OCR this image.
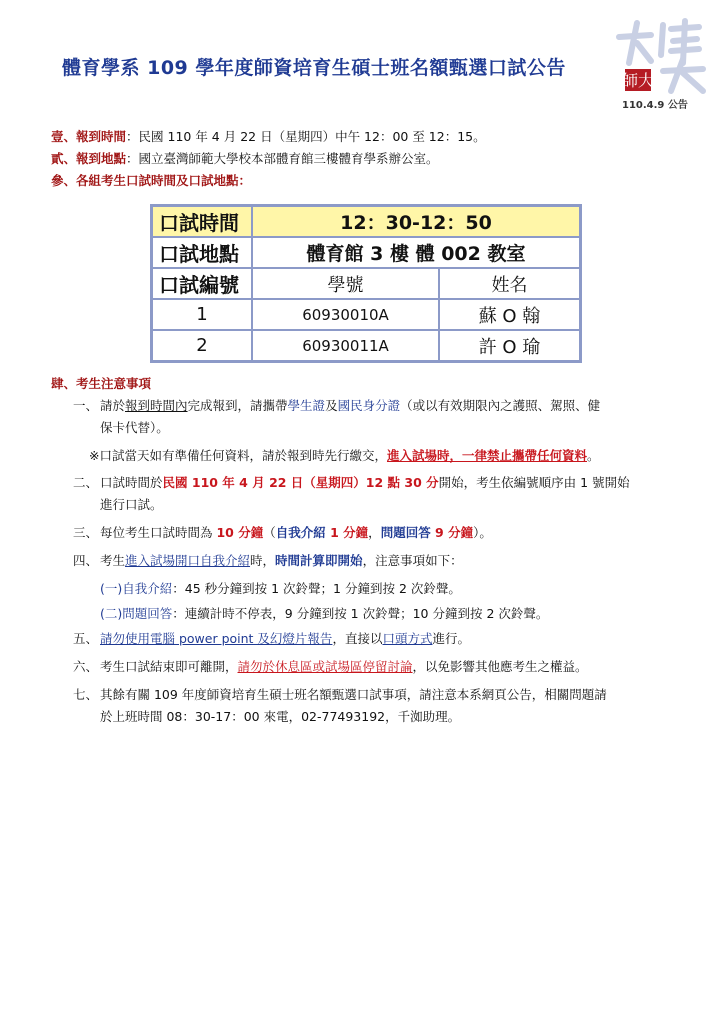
師大
體育學系 109 學年度師資培育生碩士班名額甄選口試公告
110.4.9 公告
壹、報到時間：民國 110 年 4 月 22 日（星期四）中午 12：00 至 12：15。
貳、報到地點：國立臺灣師範大學校本部體育館三樓體育學系辦公室。
參、各組考生口試時間及口試地點：
口試時間	12：30-12：50	
口試地點	體育館 3 樓 體 002 教室	
口試編號	學號	姓名
1	60930010A	蘇 O 翰
2	60930011A	許 O 瑜
肆、考生注意事項
一、 請於報到時間內完成報到，請攜帶學生證及國民身分證（或以有效期限內之護照、駕照、健
保卡代替）。
※口試當天如有準備任何資料，請於報到時先行繳交，進入試場時，一律禁止攜帶任何資料。
二、 口試時間於民國 110 年 4 月 22 日（星期四）12 點 30 分開始，考生依編號順序由 1 號開始
進行口試。
三、 每位考生口試時間為 10 分鐘（自我介紹 1 分鐘，問題回答 9 分鐘）。
四、 考生進入試場開口自我介紹時，時間計算即開始，注意事項如下：
(一)自我介紹：45 秒分鐘到按 1 次鈴聲；1 分鐘到按 2 次鈴聲。
(二)問題回答：連續計時不停表，9 分鐘到按 1 次鈴聲；10 分鐘到按 2 次鈴聲。
五、 請勿使用電腦 power point 及幻燈片報告，直接以口頭方式進行。
六、 考生口試結束即可離開，請勿於休息區或試場區停留討論，以免影響其他應考生之權益。
七、 其餘有關 109 年度師資培育生碩士班名額甄選口試事項，請注意本系網頁公告，相關問題請
於上班時間 08：30-17：00 來電，02-77493192，千洳助理。
